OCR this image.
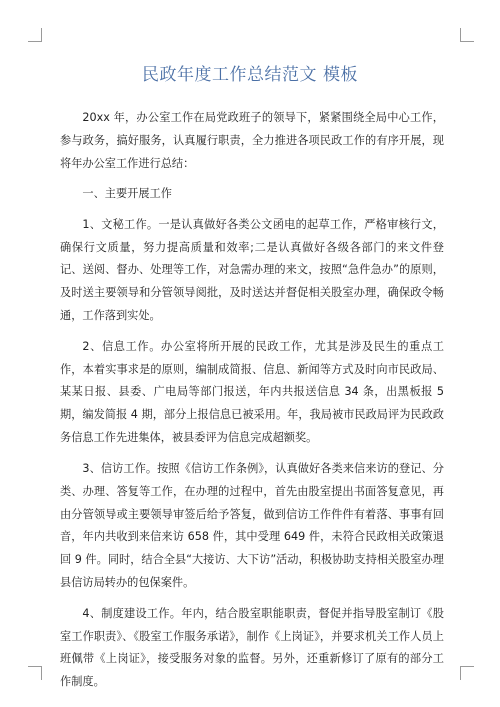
民政年度工作总结范文 模板

20xx 年，办公室工作在局党政班子的领导下，紧紧围绕全局中心工作，参与政务，搞好服务，认真履行职责，全力推进各项民政工作的有序开展，现将年办公室工作进行总结：

一、主要开展工作

1、文秘工作。一是认真做好各类公文函电的起草工作，严格审核行文，确保行文质量，努力提高质量和效率;二是认真做好各级各部门的来文件登记、送阅、督办、处理等工作，对急需办理的来文，按照“急件急办”的原则，及时送主要领导和分管领导阅批，及时送达并督促相关股室办理，确保政令畅通，工作落到实处。

2、信息工作。办公室将所开展的民政工作，尤其是涉及民生的重点工作，本着实事求是的原则，编制成简报、信息、新闻等方式及时向市民政局、某某日报、县委、广电局等部门报送，年内共报送信息 34 条，出黑板报 5 期，编发简报 4 期，部分上报信息已被采用。年，我局被市民政局评为民政政务信息工作先进集体，被县委评为信息完成超额奖。

3、信访工作。按照《信访工作条例》，认真做好各类来信来访的登记、分类、办理、答复等工作，在办理的过程中，首先由股室提出书面答复意见，再由分管领导或主要领导审签后给予答复，做到信访工作件件有着落、事事有回音，年内共收到来信来访 658 件，其中受理 649 件，未符合民政相关政策退回 9 件。同时，结合全县“大接访、大下访”活动，积极协助支持相关股室办理县信访局转办的包保案件。

4、制度建设工作。年内，结合股室职能职责，督促并指导股室制订《股室工作职责》、《股室工作服务承诺》，制作《上岗证》，并要求机关工作人员上班佩带《上岗证》，接受服务对象的监督。另外，还重新修订了原有的部分工作制度。
